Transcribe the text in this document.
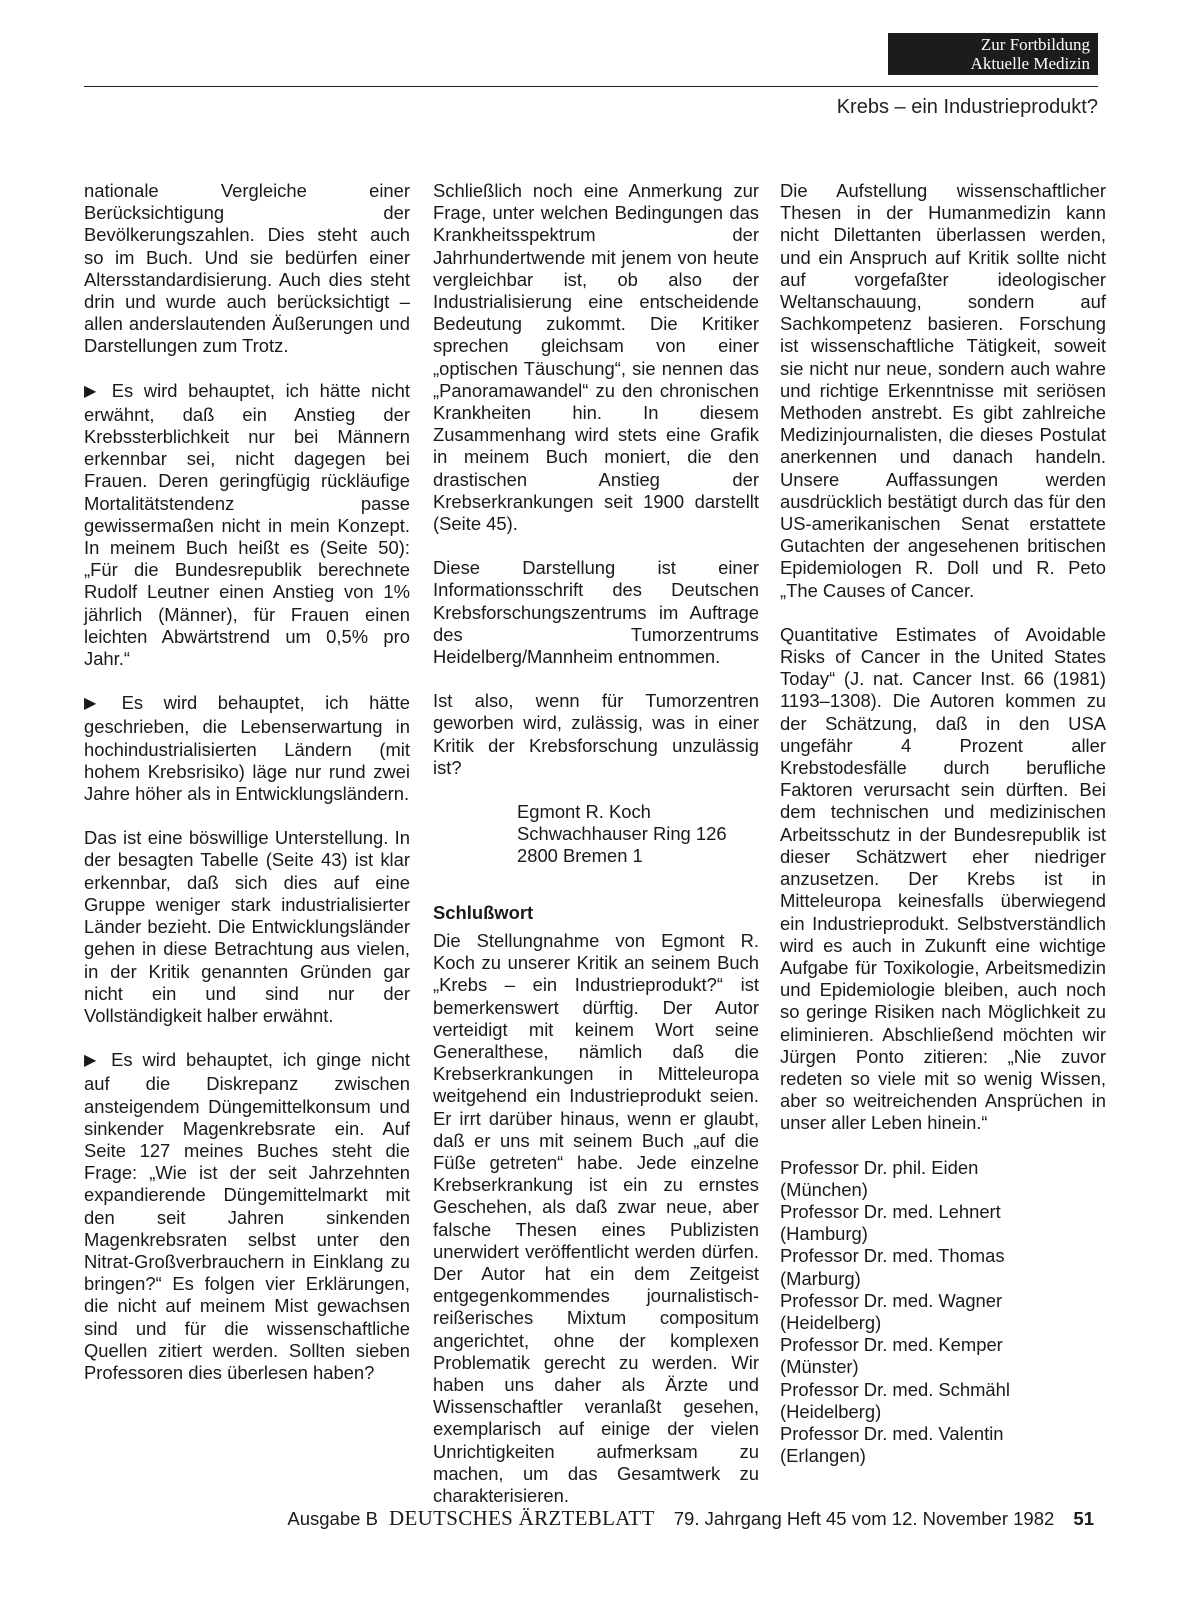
Zur Fortbildung
Aktuelle Medizin
Krebs – ein Industrieprodukt?

nationale Vergleiche einer Berücksichtigung der Bevölkerungszahlen. Dies steht auch so im Buch. Und sie bedürfen einer Altersstandardisierung. Auch dies steht drin und wurde auch berücksichtigt – allen anderslautenden Äußerungen und Darstellungen zum Trotz.

▶ Es wird behauptet, ich hätte nicht erwähnt, daß ein Anstieg der Krebssterblichkeit nur bei Männern erkennbar sei, nicht dagegen bei Frauen. Deren geringfügig rückläufige Mortalitätstendenz passe gewissermaßen nicht in mein Konzept. In meinem Buch heißt es (Seite 50): „Für die Bundesrepublik berechnete Rudolf Leutner einen Anstieg von 1% jährlich (Männer), für Frauen einen leichten Abwärtstrend um 0,5% pro Jahr.“

▶ Es wird behauptet, ich hätte geschrieben, die Lebenserwartung in hochindustrialisierten Ländern (mit hohem Krebsrisiko) läge nur rund zwei Jahre höher als in Entwicklungsländern.

Das ist eine böswillige Unterstellung. In der besagten Tabelle (Seite 43) ist klar erkennbar, daß sich dies auf eine Gruppe weniger stark industrialisierter Länder bezieht. Die Entwicklungsländer gehen in diese Betrachtung aus vielen, in der Kritik genannten Gründen gar nicht ein und sind nur der Vollständigkeit halber erwähnt.

▶ Es wird behauptet, ich ginge nicht auf die Diskrepanz zwischen ansteigendem Düngemittelkonsum und sinkender Magenkrebsrate ein. Auf Seite 127 meines Buches steht die Frage: „Wie ist der seit Jahrzehnten expandierende Düngemittelmarkt mit den seit Jahren sinkenden Magenkrebsraten selbst unter den Nitrat-Großverbrauchern in Einklang zu bringen?“ Es folgen vier Erklärungen, die nicht auf meinem Mist gewachsen sind und für die wissenschaftliche Quellen zitiert werden. Sollten sieben Professoren dies überlesen haben?

Schließlich noch eine Anmerkung zur Frage, unter welchen Bedingungen das Krankheitsspektrum der Jahrhundertwende mit jenem von heute vergleichbar ist, ob also der Industrialisierung eine entscheidende Bedeutung zukommt. Die Kritiker sprechen gleichsam von einer „optischen Täuschung“, sie nennen das „Panoramawandel“ zu den chronischen Krankheiten hin. In diesem Zusammenhang wird stets eine Grafik in meinem Buch moniert, die den drastischen Anstieg der Krebserkrankungen seit 1900 darstellt (Seite 45).

Diese Darstellung ist einer Informationsschrift des Deutschen Krebsforschungszentrums im Auftrage des Tumorzentrums Heidelberg/Mannheim entnommen.

Ist also, wenn für Tumorzentren geworben wird, zulässig, was in einer Kritik der Krebsforschung unzulässig ist?

Egmont R. Koch
Schwachhauser Ring 126
2800 Bremen 1
Schlußwort

Die Stellungnahme von Egmont R. Koch zu unserer Kritik an seinem Buch „Krebs – ein Industrieprodukt?“ ist bemerkenswert dürftig. Der Autor verteidigt mit keinem Wort seine Generalthese, nämlich daß die Krebserkrankungen in Mitteleuropa weitgehend ein Industrieprodukt seien. Er irrt darüber hinaus, wenn er glaubt, daß er uns mit seinem Buch „auf die Füße getreten“ habe. Jede einzelne Krebserkrankung ist ein zu ernstes Geschehen, als daß zwar neue, aber falsche Thesen eines Publizisten unerwidert veröffentlicht werden dürfen. Der Autor hat ein dem Zeitgeist entgegenkommendes journalistisch-reißerisches Mixtum compositum angerichtet, ohne der komplexen Problematik gerecht zu werden. Wir haben uns daher als Ärzte und Wissenschaftler veranlaßt gesehen, exemplarisch auf einige der vielen Unrichtigkeiten aufmerksam zu machen, um das Gesamtwerk zu charakterisieren.

Die Aufstellung wissenschaftlicher Thesen in der Humanmedizin kann nicht Dilettanten überlassen werden, und ein Anspruch auf Kritik sollte nicht auf vorgefaßter ideologischer Weltanschauung, sondern auf Sachkompetenz basieren. Forschung ist wissenschaftliche Tätigkeit, soweit sie nicht nur neue, sondern auch wahre und richtige Erkenntnisse mit seriösen Methoden anstrebt. Es gibt zahlreiche Medizinjournalisten, die dieses Postulat anerkennen und danach handeln. Unsere Auffassungen werden ausdrücklich bestätigt durch das für den US-amerikanischen Senat erstattete Gutachten der angesehenen britischen Epidemiologen R. Doll und R. Peto „The Causes of Cancer.

Quantitative Estimates of Avoidable Risks of Cancer in the United States Today“ (J. nat. Cancer Inst. 66 (1981) 1193–1308). Die Autoren kommen zu der Schätzung, daß in den USA ungefähr 4 Prozent aller Krebstodesfälle durch berufliche Faktoren verursacht sein dürften. Bei dem technischen und medizinischen Arbeitsschutz in der Bundesrepublik ist dieser Schätzwert eher niedriger anzusetzen. Der Krebs ist in Mitteleuropa keinesfalls überwiegend ein Industrieprodukt. Selbstverständlich wird es auch in Zukunft eine wichtige Aufgabe für Toxikologie, Arbeitsmedizin und Epidemiologie bleiben, auch noch so geringe Risiken nach Möglichkeit zu eliminieren. Abschließend möchten wir Jürgen Ponto zitieren: „Nie zuvor redeten so viele mit so wenig Wissen, aber so weitreichenden Ansprüchen in unser aller Leben hinein.“

Professor Dr. phil. Eiden
(München)
Professor Dr. med. Lehnert
(Hamburg)
Professor Dr. med. Thomas
(Marburg)
Professor Dr. med. Wagner
(Heidelberg)
Professor Dr. med. Kemper
(Münster)
Professor Dr. med. Schmähl
(Heidelberg)
Professor Dr. med. Valentin
(Erlangen)
Ausgabe B DEUTSCHES ÄRZTEBLATT 79. Jahrgang Heft 45 vom 12. November 1982 51
